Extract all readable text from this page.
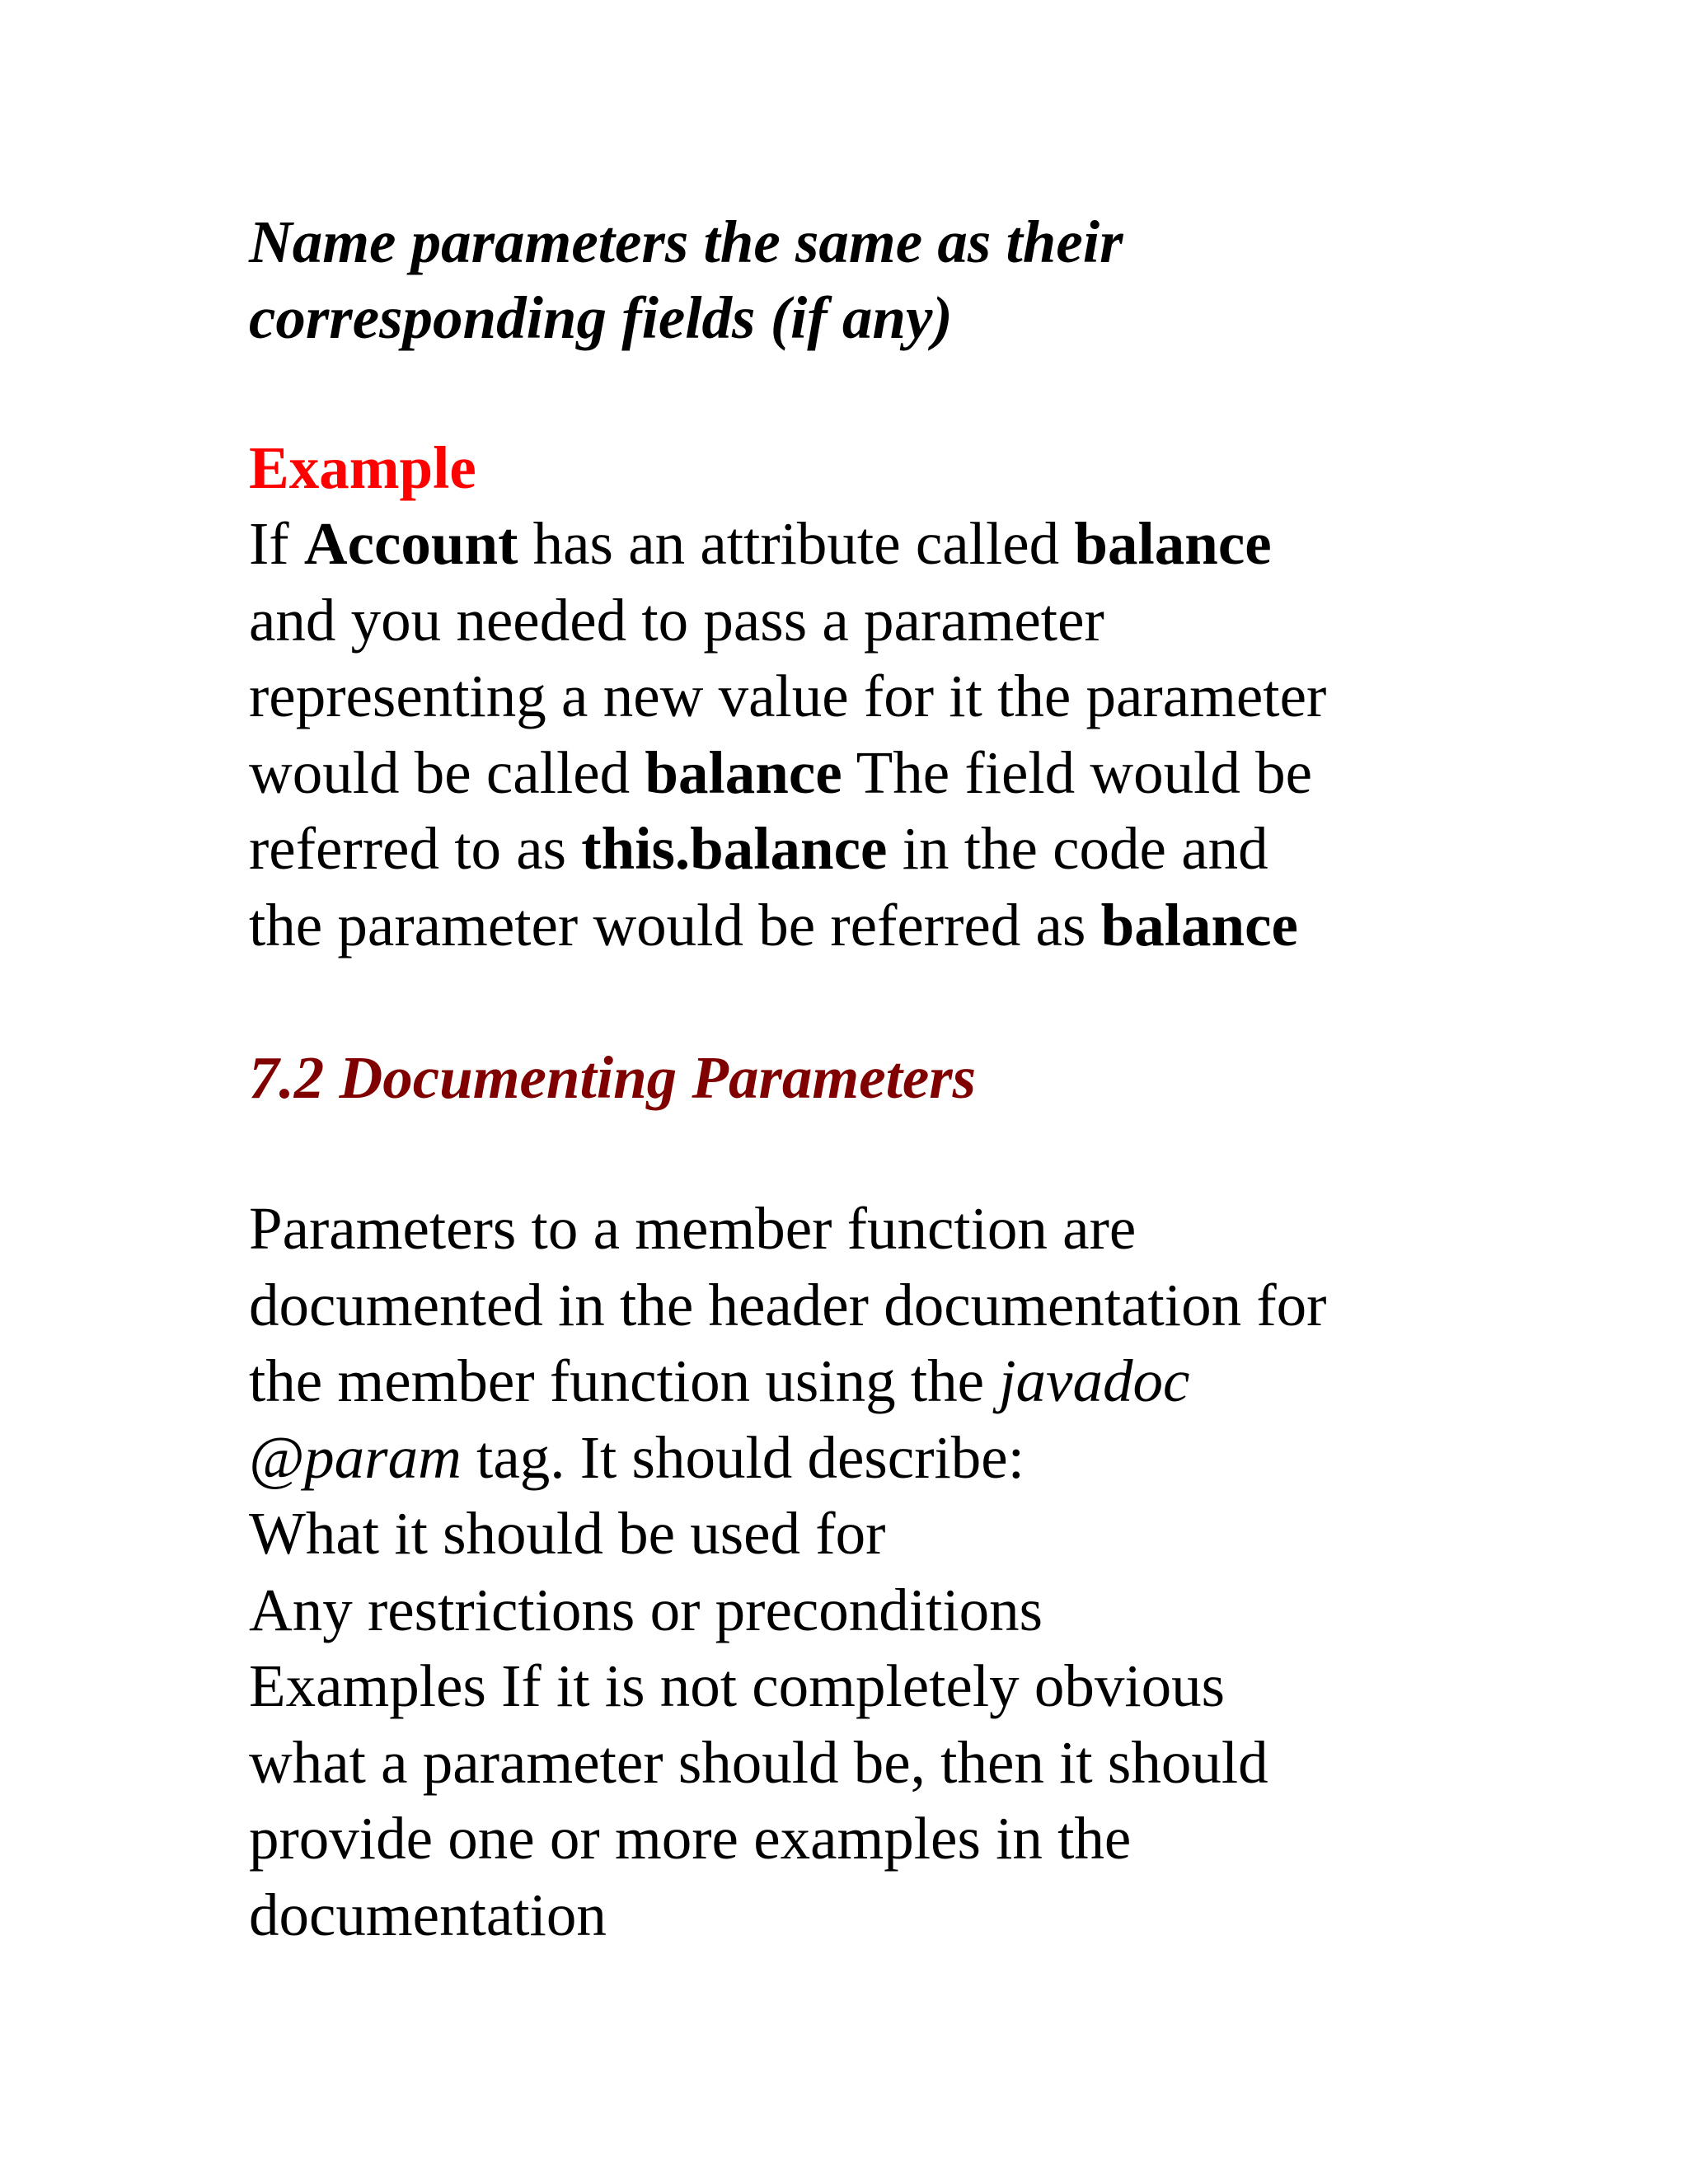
Name parameters the same as their
corresponding fields (if any)
Example
If Account has an attribute called balance
and you needed to pass a parameter
representing a new value for it the parameter
would be called balance The field would be
referred to as this.balance in the code and
the parameter would be referred as balance
7.2 Documenting Parameters
Parameters to a member function are
documented in the header documentation for
the member function using the javadoc
@param tag. It should describe:
What it should be used for
Any restrictions or preconditions
Examples If it is not completely obvious
what a parameter should be, then it should
provide one or more examples in the
documentation
